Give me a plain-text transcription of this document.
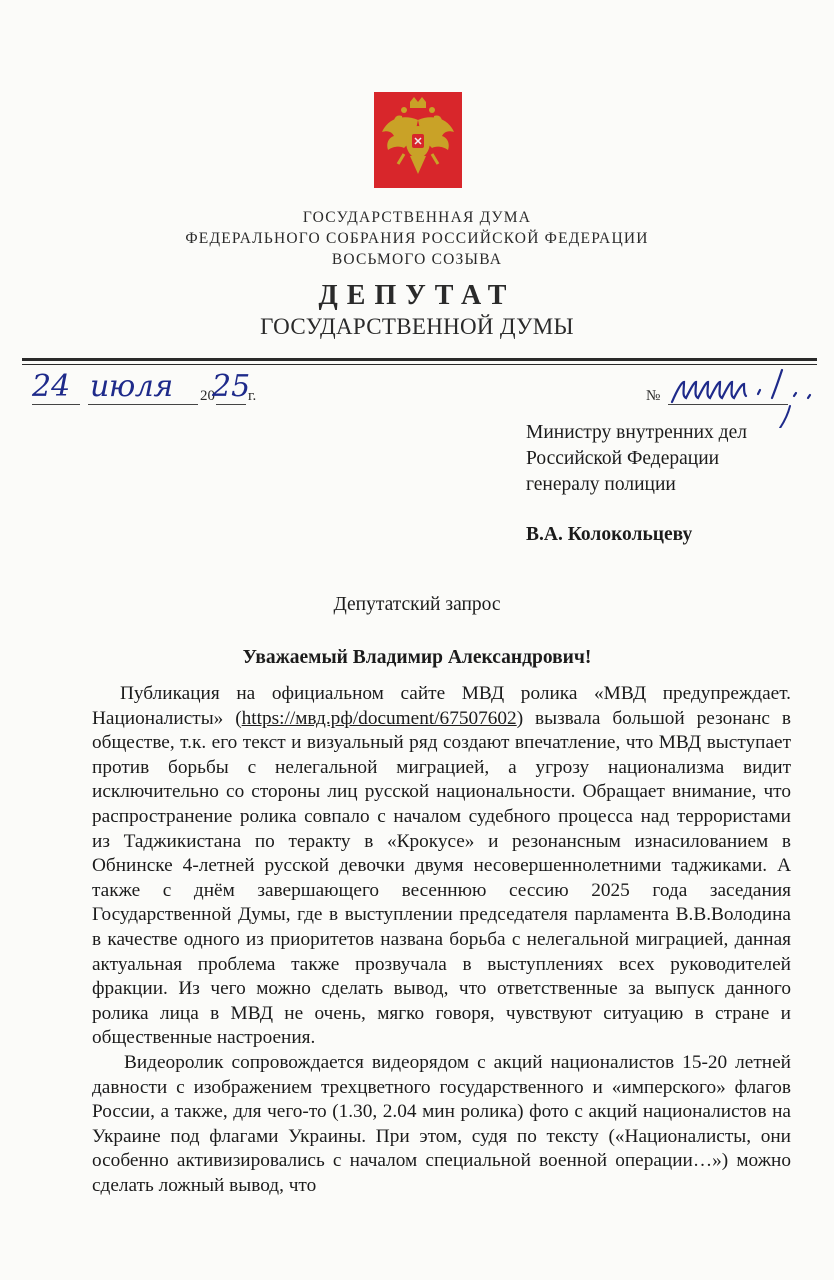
ГОСУДАРСТВЕННАЯ ДУМА
ФЕДЕРАЛЬНОГО СОБРАНИЯ РОССИЙСКОЙ ФЕДЕРАЦИИ
ВОСЬМОГО СОЗЫВА
ДЕПУТАТ
ГОСУДАРСТВЕННОЙ ДУМЫ
24 июля 20
25
г.	№
Министру внутренних дел
Российской Федерации
генералу полиции
В.А. Колокольцеву
Депутатский запрос
Уважаемый Владимир Александрович!

Публикация на официальном сайте МВД ролика «МВД предупреждает. Националисты» (https://мвд.рф/document/67507602) вызвала большой резонанс в обществе, т.к. его текст и визуальный ряд создают впечатление, что МВД выступает против борьбы с нелегальной миграцией, а угрозу национализма видит исключительно со стороны лиц русской национальности. Обращает внимание, что распространение ролика совпало с началом судебного процесса над террористами из Таджикистана по теракту в «Крокусе» и резонансным изнасилованием в Обнинске 4-летней русской девочки двумя несовершеннолетними таджиками. А также с днём завершающего весеннюю сессию 2025 года заседания Государственной Думы, где в выступлении председателя парламента В.В.Володина в качестве одного из приоритетов названа борьба с нелегальной миграцией, данная актуальная проблема также прозвучала в выступлениях всех руководителей фракции. Из чего можно сделать вывод, что ответственные за выпуск данного ролика лица в МВД не очень, мягко говоря, чувствуют ситуацию в стране и общественные настроения.

Видеоролик сопровождается видеорядом с акций националистов 15-20 летней давности с изображением трехцветного государственного и «имперского» флагов России, а также, для чего-то (1.30, 2.04 мин ролика) фото с акций националистов на Украине под флагами Украины. При этом, судя по тексту («Националисты, они особенно активизировались с началом специальной военной операции…») можно сделать ложный вывод, что
